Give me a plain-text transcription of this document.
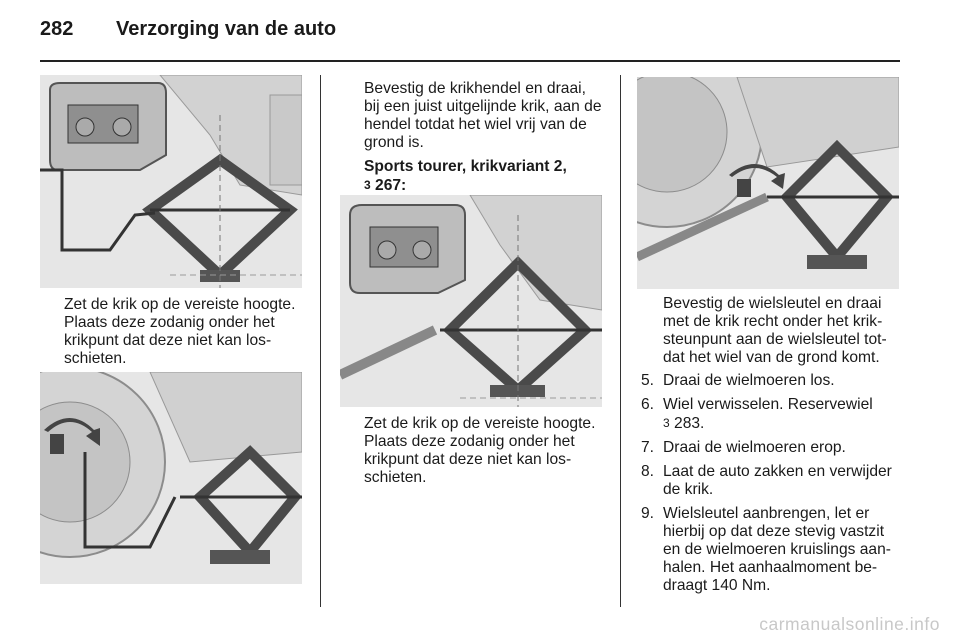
282	Verzorging van de auto

Zet de krik op de vereiste hoogte. Plaats deze zodanig onder het krikpunt dat deze niet kan los-schieten.

Bevestig de krikhendel en draai, bij een juist uitgelijnde krik, aan de hendel totdat het wiel vrij van de grond is.

Sports tourer, krikvariant 2,
3 267:

Zet de krik op de vereiste hoogte. Plaats deze zodanig onder het krikpunt dat deze niet kan los-schieten.

Bevestig de wielsleutel en draai met de krik recht onder het krik-steunpunt aan de wielsleutel tot-dat het wiel van de grond komt.

5. Draai de wielmoeren los.
6. Wiel verwisselen. Reservewiel
3 283.
7. Draai de wielmoeren erop.
8. Laat de auto zakken en verwijder de krik.
9. Wielsleutel aanbrengen, let er hierbij op dat deze stevig vastzit en de wielmoeren kruislings aan-halen. Het aanhaalmoment be-draagt 140 Nm.
carmanualsonline.info
